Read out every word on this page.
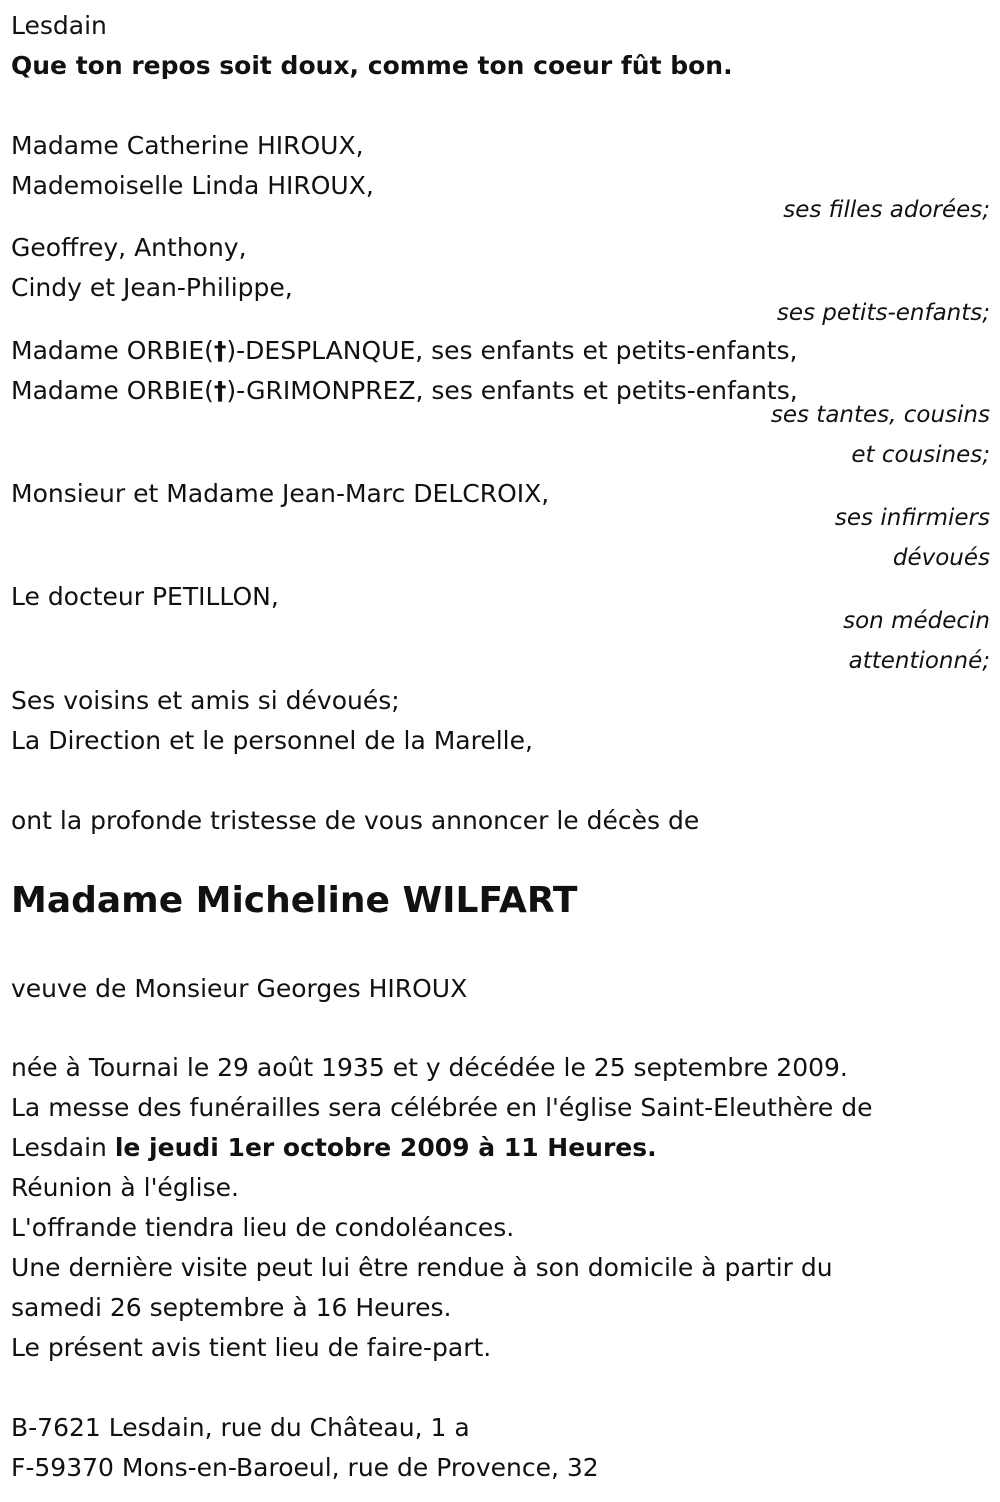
Lesdain
Que ton repos soit doux, comme ton coeur fût bon.
Madame Catherine HIROUX,
Mademoiselle Linda HIROUX,
ses filles adorées;
Geoffrey, Anthony,
Cindy et Jean-Philippe,
ses petits-enfants;
Madame ORBIE(†)-DESPLANQUE, ses enfants et petits-enfants,
Madame ORBIE(†)-GRIMONPREZ, ses enfants et petits-enfants,
ses tantes, cousins
et cousines;
Monsieur et Madame Jean-Marc DELCROIX,
ses infirmiers
dévoués
Le docteur PETILLON,
son médecin
attentionné;
Ses voisins et amis si dévoués;
La Direction et le personnel de la Marelle,
ont la profonde tristesse de vous annoncer le décès de
Madame Micheline WILFART
veuve de Monsieur Georges HIROUX
née à Tournai le 29 août 1935 et y décédée le 25 septembre 2009.
La messe des funérailles sera célébrée en l'église Saint-Eleuthère de
Lesdain le jeudi 1er octobre 2009 à 11 Heures.
Réunion à l'église.
L'offrande tiendra lieu de condoléances.
Une dernière visite peut lui être rendue à son domicile à partir du
samedi 26 septembre à 16 Heures.
Le présent avis tient lieu de faire-part.
B-7621 Lesdain, rue du Château, 1 a
F-59370 Mons-en-Baroeul, rue de Provence, 32
